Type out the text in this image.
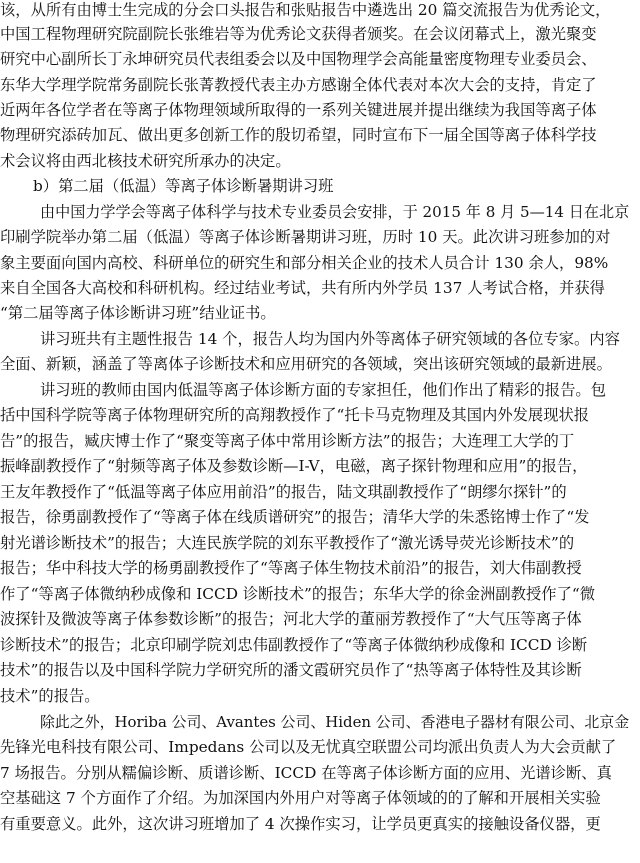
该，从所有由博士生完成的分会口头报告和张贴报告中遴选出 20 篇交流报告为优秀论文，
中国工程物理研究院副院长张维岩等为优秀论文获得者颁奖。在会议闭幕式上，激光聚变
研究中心副所长丁永坤研究员代表组委会以及中国物理学会高能量密度物理专业委员会、
东华大学理学院常务副院长张菁教授代表主办方感谢全体代表对本次大会的支持，肯定了
近两年各位学者在等离子体物理领域所取得的一系列关键进展并提出继续为我国等离子体
物理研究添砖加瓦、做出更多创新工作的殷切希望，同时宣布下一届全国等离子体科学技
术会议将由西北核技术研究所承办的决定。
b）第二届（低温）等离子体诊断暑期讲习班
由中国力学学会等离子体科学与技术专业委员会安排，于 2015 年 8 月 5—14 日在北京
印刷学院举办第二届（低温）等离子体诊断暑期讲习班，历时 10 天。此次讲习班参加的对
象主要面向国内高校、科研单位的研究生和部分相关企业的技术人员合计 130 余人，98%
来自全国各大高校和科研机构。经过结业考试，共有所内外学员 137 人考试合格，并获得
“第二届等离子体诊断讲习班”结业证书。
讲习班共有主题性报告 14 个，报告人均为国内外等离体子研究领域的各位专家。内容
全面、新颖，涵盖了等离体子诊断技术和应用研究的各领域，突出该研究领域的最新进展。
讲习班的教师由国内低温等离子体诊断方面的专家担任，他们作出了精彩的报告。包
括中国科学院等离子体物理研究所的高翔教授作了“托卡马克物理及其国内外发展现状报
告”的报告，臧庆博士作了“聚变等离子体中常用诊断方法”的报告；大连理工大学的丁
振峰副教授作了“射频等离子体及参数诊断—I-V，电磁，离子探针物理和应用”的报告，
王友年教授作了“低温等离子体应用前沿”的报告，陆文琪副教授作了“朗缪尔探针”的
报告，徐勇副教授作了“等离子体在线质谱研究”的报告；清华大学的朱悉铭博士作了“发
射光谱诊断技术”的报告；大连民族学院的刘东平教授作了“激光诱导荧光诊断技术”的
报告；华中科技大学的杨勇副教授作了“等离子体生物技术前沿”的报告，刘大伟副教授
作了“等离子体微纳秒成像和 ICCD 诊断技术”的报告；东华大学的徐金洲副教授作了“微
波探针及微波等离子体参数诊断”的报告；河北大学的董丽芳教授作了“大气压等离子体
诊断技术”的报告；北京印刷学院刘忠伟副教授作了“等离子体微纳秒成像和 ICCD 诊断
技术”的报告以及中国科学院力学研究所的潘文霞研究员作了“热等离子体特性及其诊断
技术”的报告。
除此之外，Horiba 公司、Avantes 公司、Hiden 公司、香港电子器材有限公司、北京金
先锋光电科技有限公司、Impedans 公司以及无忧真空联盟公司均派出负责人为大会贡献了
7 场报告。分别从糯偏诊断、质谱诊断、ICCD 在等离子体诊断方面的应用、光谱诊断、真
空基础这 7 个方面作了介绍。为加深国内外用户对等离子体领域的的了解和开展相关实验
有重要意义。此外，这次讲习班增加了 4 次操作实习，让学员更真实的接触设备仪器，更
